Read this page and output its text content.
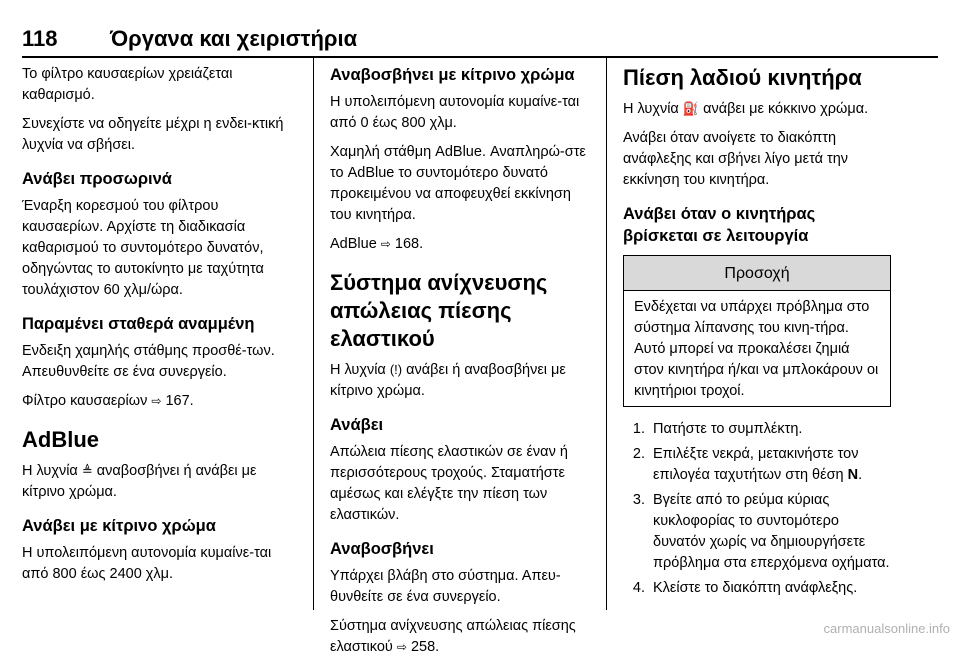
118 Όργανα και χειριστήρια

Το φίλτρο καυσαερίων χρειάζεται καθαρισμό.

Συνεχίστε να οδηγείτε μέχρι η ενδει-κτική λυχνία να σβήσει.

Ανάβει προσωρινά

Έναρξη κορεσμού του φίλτρου καυσαερίων. Αρχίστε τη διαδικασία καθαρισμού το συντομότερο δυνατόν, οδηγώντας το αυτοκίνητο με ταχύτητα τουλάχιστον 60 χλμ/ώρα.

Παραμένει σταθερά αναμμένη

Ενδειξη χαμηλής στάθμης προσθέ-των. Απευθυνθείτε σε ένα συνεργείο.

Φίλτρο καυσαερίων ⇨ 167.

AdBlue

Η λυχνία ≜ αναβοσβήνει ή ανάβει με κίτρινο χρώμα.

Ανάβει με κίτρινο χρώμα

Η υπολειπόμενη αυτονομία κυμαίνε-ται από 800 έως 2400 χλμ.

Αναβοσβήνει με κίτρινο χρώμα

Η υπολειπόμενη αυτονομία κυμαίνε-ται από 0 έως 800 χλμ.

Χαμηλή στάθμη AdBlue. Αναπληρώ-στε το AdBlue το συντομότερο δυνατό προκειμένου να αποφευχθεί εκκίνηση του κινητήρα.

AdBlue ⇨ 168.

Σύστημα ανίχνευσης απώλειας πίεσης ελαστικού

Η λυχνία (!) ανάβει ή αναβοσβήνει με κίτρινο χρώμα.

Ανάβει

Απώλεια πίεσης ελαστικών σε έναν ή περισσότερους τροχούς. Σταματήστε αμέσως και ελέγξτε την πίεση των ελαστικών.

Αναβοσβήνει

Υπάρχει βλάβη στο σύστημα. Απευ-θυνθείτε σε ένα συνεργείο.

Σύστημα ανίχνευσης απώλειας πίεσης ελαστικού ⇨ 258.

Πίεση λαδιού κινητήρα

Η λυχνία ⛽ ανάβει με κόκκινο χρώμα.

Ανάβει όταν ανοίγετε το διακόπτη ανάφλεξης και σβήνει λίγο μετά την εκκίνηση του κινητήρα.

Ανάβει όταν ο κινητήρας βρίσκεται σε λειτουργία
Προσοχή
Ενδέχεται να υπάρχει πρόβλημα στο σύστημα λίπανσης του κινη-τήρα. Αυτό μπορεί να προκαλέσει ζημιά στον κινητήρα ή/και να μπλοκάρουν οι κινητήριοι τροχοί.
1. Πατήστε το συμπλέκτη.
2. Επιλέξτε νεκρά, μετακινήστε τον επιλογέα ταχυτήτων στη θέση N.
3. Βγείτε από το ρεύμα κύριας κυκλοφορίας το συντομότερο δυνατόν χωρίς να δημιουργήσετε πρόβλημα στα επερχόμενα οχήματα.
4. Κλείστε το διακόπτη ανάφλεξης.
carmanualsonline.info
